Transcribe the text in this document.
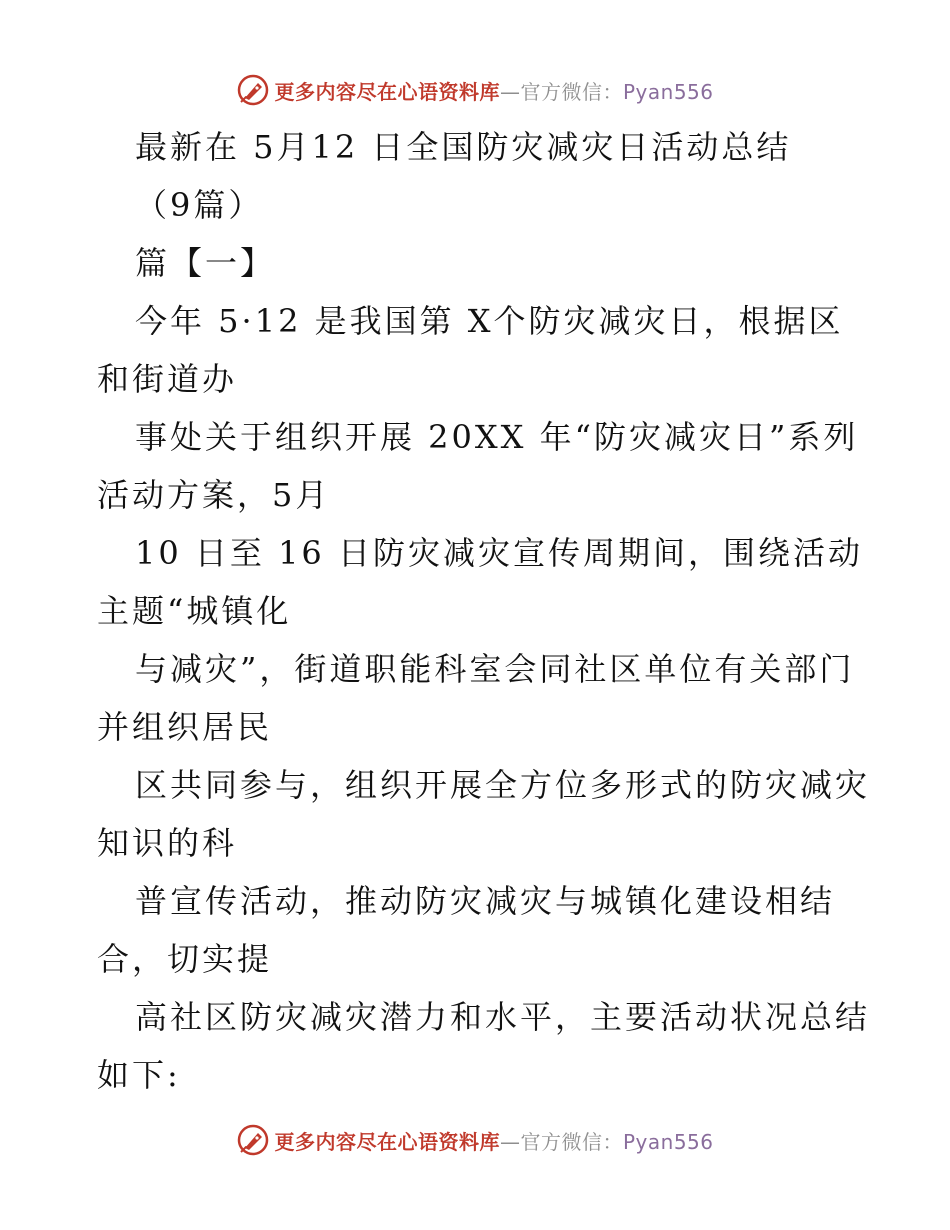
更多内容尽在心语资料库—官方微信：Pyan556
最新在 5月12 日全国防灾减灾日活动总结
（9篇）
篇【一】
今年 5·12 是我国第 X个防灾减灾日，根据区
和街道办
事处关于组织开展 20XX 年“防灾减灾日”系列
活动方案，5月
10 日至 16 日防灾减灾宣传周期间，围绕活动
主题“城镇化
与减灾”，街道职能科室会同社区单位有关部门
并组织居民
区共同参与，组织开展全方位多形式的防灾减灾
知识的科
普宣传活动，推动防灾减灾与城镇化建设相结
合，切实提
高社区防灾减灾潜力和水平，主要活动状况总结
如下:
更多内容尽在心语资料库—官方微信：Pyan556
